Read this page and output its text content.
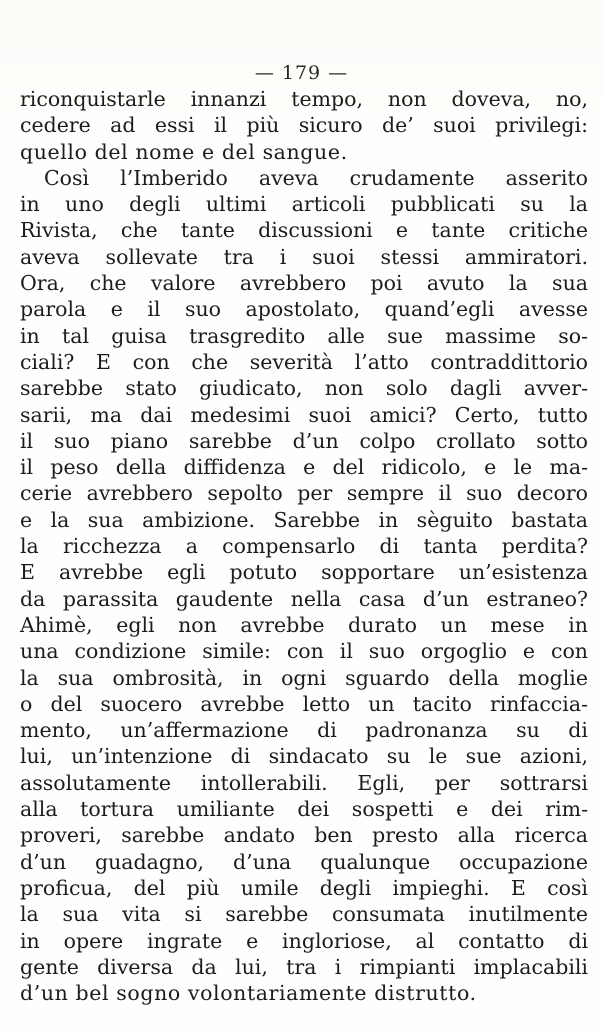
— 179 —
riconquistarle innanzi tempo, non doveva, no,
cedere ad essi il più sicuro de’ suoi privilegi:
quello del nome e del sangue.
Così l’Imberido aveva crudamente asserito
in uno degli ultimi articoli pubblicati su la
Rivista, che tante discussioni e tante critiche
aveva sollevate tra i suoi stessi ammiratori.
Ora, che valore avrebbero poi avuto la sua
parola e il suo apostolato, quand’egli avesse
in tal guisa trasgredito alle sue massime so-
ciali? E con che severità l’atto contraddittorio
sarebbe stato giudicato, non solo dagli avver-
sarii, ma dai medesimi suoi amici? Certo, tutto
il suo piano sarebbe d’un colpo crollato sotto
il peso della diffidenza e del ridicolo, e le ma-
cerie avrebbero sepolto per sempre il suo decoro
e la sua ambizione. Sarebbe in sèguito bastata
la ricchezza a compensarlo di tanta perdita?
E avrebbe egli potuto sopportare un’esistenza
da parassita gaudente nella casa d’un estraneo?
Ahimè, egli non avrebbe durato un mese in
una condizione simile: con il suo orgoglio e con
la sua ombrosità, in ogni sguardo della moglie
o del suocero avrebbe letto un tacito rinfaccia-
mento, un’affermazione di padronanza su di
lui, un’intenzione di sindacato su le sue azioni,
assolutamente intollerabili. Egli, per sottrarsi
alla tortura umiliante dei sospetti e dei rim-
proveri, sarebbe andato ben presto alla ricerca
d’un guadagno, d’una qualunque occupazione
proficua, del più umile degli impieghi. E così
la sua vita si sarebbe consumata inutilmente
in opere ingrate e ingloriose, al contatto di
gente diversa da lui, tra i rimpianti implacabili
d’un bel sogno volontariamente distrutto.
